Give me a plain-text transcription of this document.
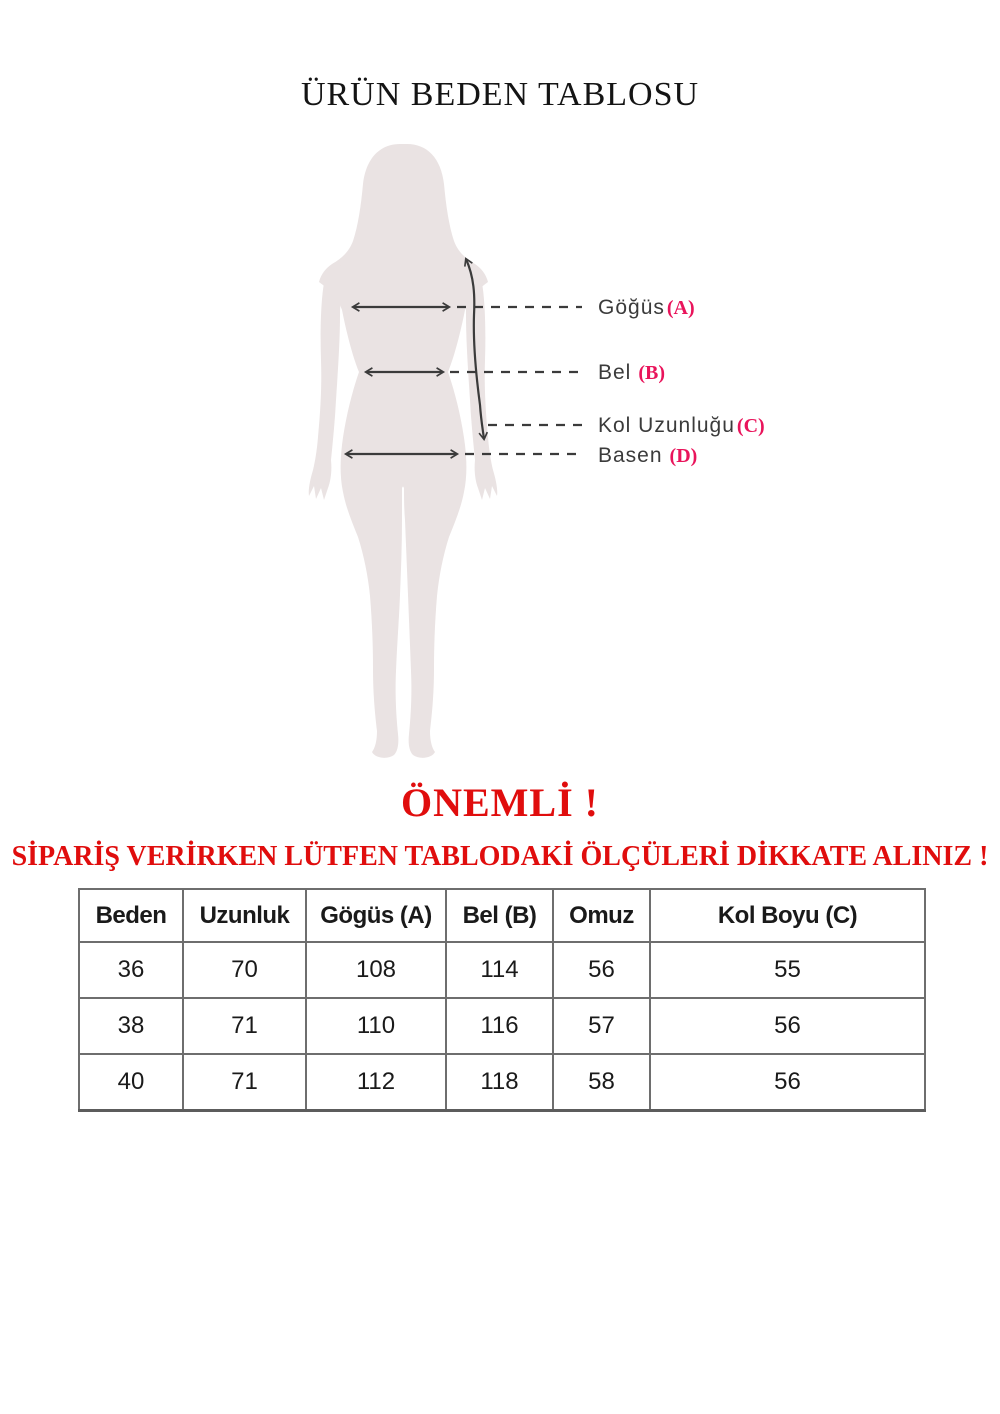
ÜRÜN BEDEN TABLOSU
Göğüs (A)
Bel (B)
Kol Uzunluğu (C)
Basen (D)
ÖNEMLİ !
SİPARİŞ VERİRKEN LÜTFEN TABLODAKİ ÖLÇÜLERİ DİKKATE ALINIZ !
Beden	Uzunluk	Gögüs (A)	Bel (B)	Omuz	Kol Boyu (C)
36	70	108	114	56	55
38	71	110	116	57	56
40	71	112	118	58	56
